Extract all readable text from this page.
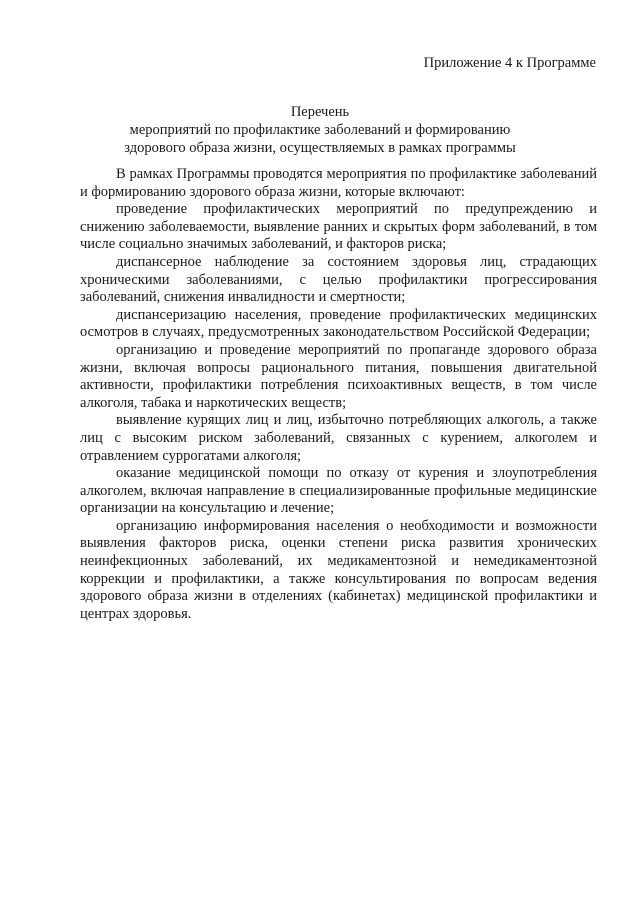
Приложение 4 к Программе
Перечень
мероприятий по профилактике заболеваний и формированию
здорового образа жизни, осуществляемых в рамках программы

В рамках Программы проводятся мероприятия по профилактике заболеваний и формированию здорового образа жизни, которые включают:

проведение профилактических мероприятий по предупреждению и снижению заболеваемости, выявление ранних и скрытых форм заболеваний, в том числе социально значимых заболеваний, и факторов риска;

диспансерное наблюдение за состоянием здоровья лиц, страдающих хроническими заболеваниями, с целью профилактики прогрессирования заболеваний, снижения инвалидности и смертности;

диспансеризацию населения, проведение профилактических медицинских осмотров в случаях, предусмотренных законодательством Российской Федерации;

организацию и проведение мероприятий по пропаганде здорового образа жизни, включая вопросы рационального питания, повышения двигательной активности, профилактики потребления психоактивных веществ, в том числе алкоголя, табака и наркотических веществ;

выявление курящих лиц и лиц, избыточно потребляющих алкоголь, а также лиц с высоким риском заболеваний, связанных с курением, алкоголем и отравлением суррогатами алкоголя;

оказание медицинской помощи по отказу от курения и злоупотребления алкоголем, включая направление в специализированные профильные медицинские организации на консультацию и лечение;

организацию информирования населения о необходимости и возможности выявления факторов риска, оценки степени риска развития хронических неинфекционных заболеваний, их медикаментозной и немедикаментозной коррекции и профилактики, а также консультирования по вопросам ведения здорового образа жизни в отделениях (кабинетах) медицинской профилактики и центрах здоровья.
